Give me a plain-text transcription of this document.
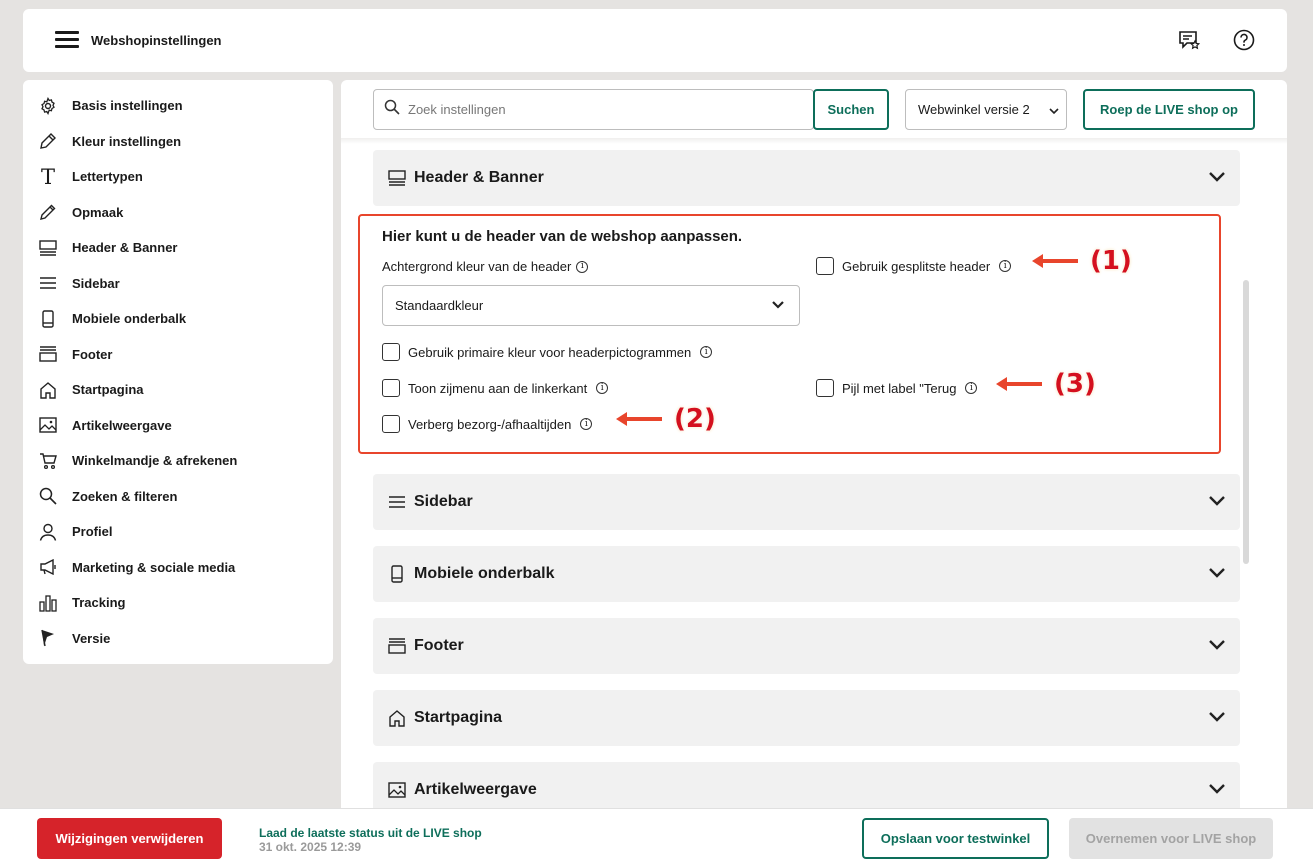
Webshopinstellingen
Basis instellingen
Kleur instellingen
T Lettertypen
Opmaak
Header & Banner
Sidebar
Mobiele onderbalk
Footer
Startpagina
Artikelweergave
Winkelmandje & afrekenen
Zoeken & filteren
Profiel
Marketing & sociale media
Tracking
Versie
Zoek instellingen
Suchen	Webwinkel versie 2	Roep de LIVE shop op
Header & Banner
Hier kunt u de header van de webshop aanpassen.
Achtergrond kleur van de header	i
Standaardkleur
Gebruik gesplitste header	i	(1)
Gebruik primaire kleur voor headerpictogrammen	i
Toon zijmenu aan de linkerkant	i	Pijl met label "Terug	i	(3)
Verberg bezorg-/afhaaltijden	i	(2)
Sidebar
Mobiele onderbalk
Footer
Startpagina
Artikelweergave
Wijzigingen verwijderen	Laad de laatste status uit de LIVE shop
31 okt. 2025 12:39
Opslaan voor testwinkel	Overnemen voor LIVE shop
